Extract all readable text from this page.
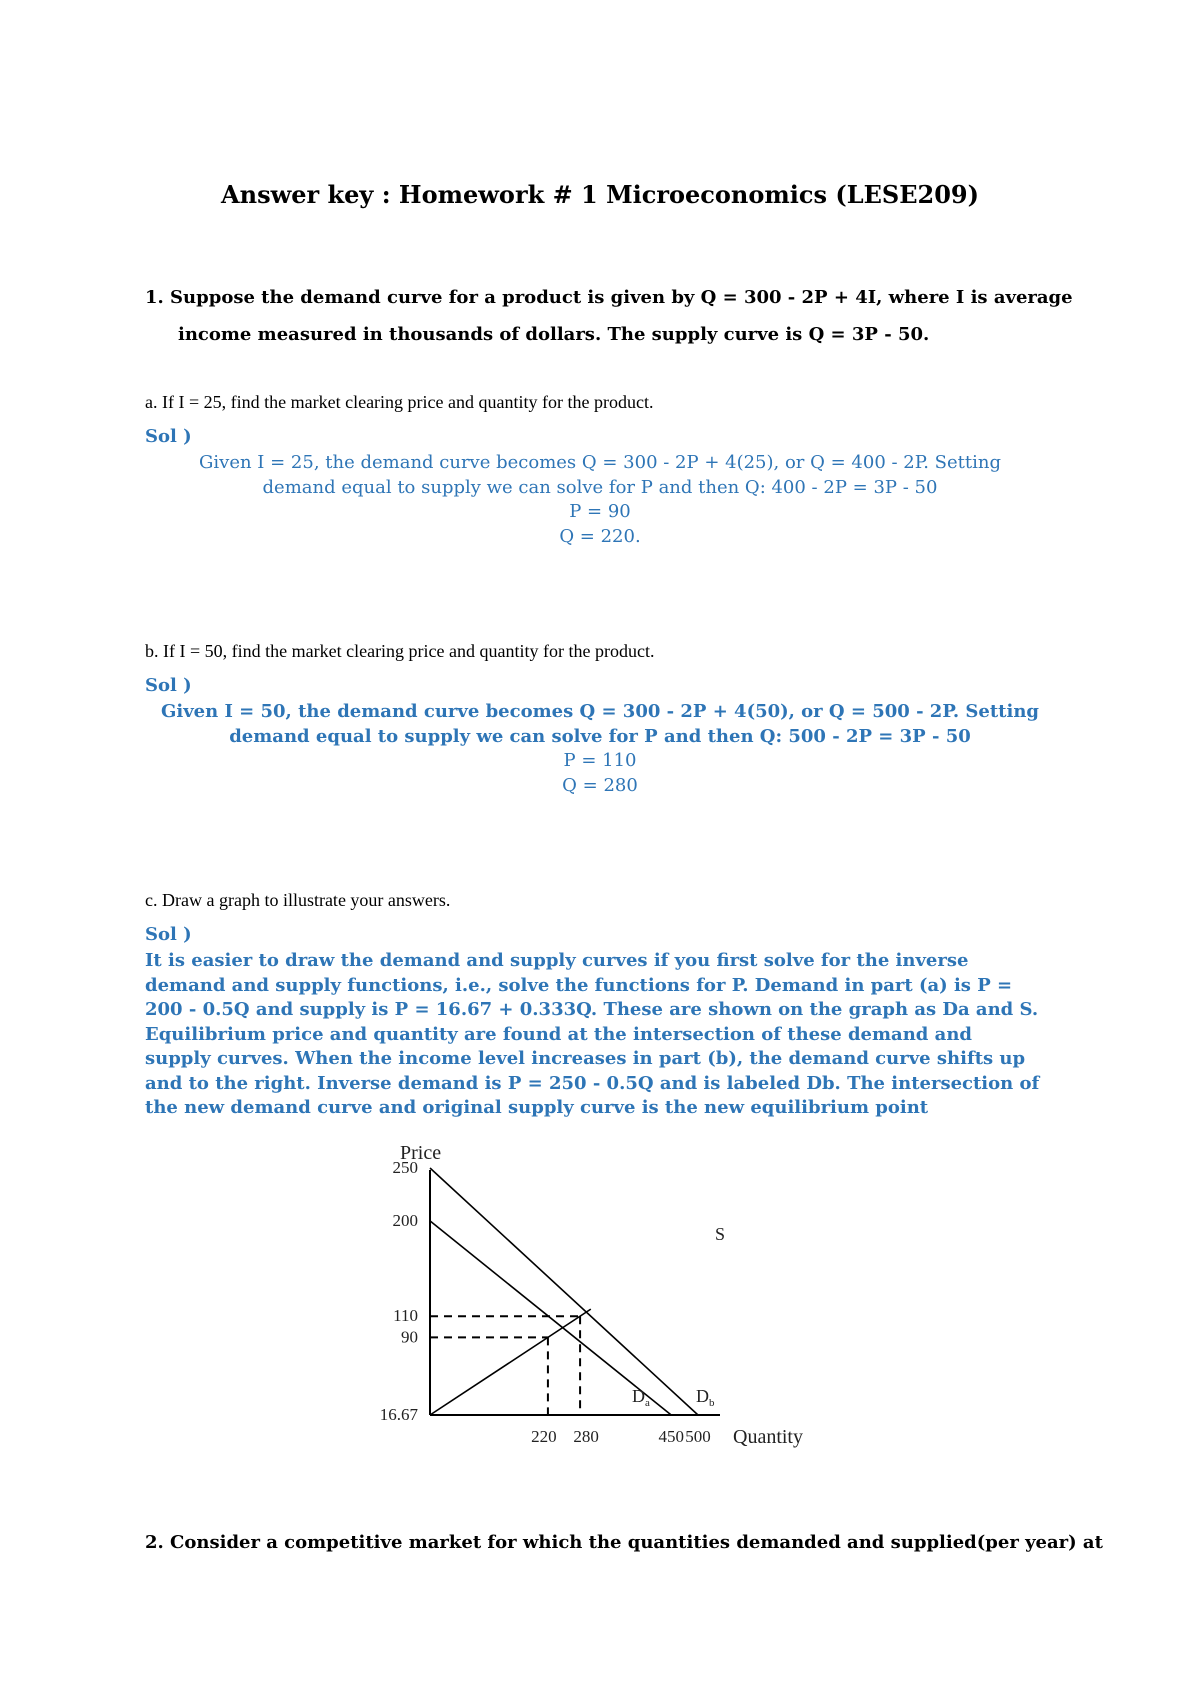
Answer key : Homework # 1 Microeconomics (LESE209)
1. Suppose the demand curve for a product is given by Q = 300 - 2P + 4I, where I is average
income measured in thousands of dollars. The supply curve is Q = 3P - 50.
a. If I = 25, find the market clearing price and quantity for the product.
Sol )
Given I = 25, the demand curve becomes Q = 300 - 2P + 4(25), or Q = 400 - 2P. Setting
demand equal to supply we can solve for P and then Q: 400 - 2P = 3P - 50
P = 90
Q = 220.
b. If I = 50, find the market clearing price and quantity for the product.
Sol )
Given I = 50, the demand curve becomes Q = 300 - 2P + 4(50), or Q = 500 - 2P. Setting
demand equal to supply we can solve for P and then Q: 500 - 2P = 3P - 50
P = 110
Q = 280
c. Draw a graph to illustrate your answers.
Sol )
It is easier to draw the demand and supply curves if you first solve for the inverse
demand and supply functions, i.e., solve the functions for P. Demand in part (a) is P =
200 - 0.5Q and supply is P = 16.67 + 0.333Q. These are shown on the graph as Da and S.
Equilibrium price and quantity are found at the intersection of these demand and
supply curves. When the income level increases in part (b), the demand curve shifts up
and to the right. Inverse demand is P = 250 - 0.5Q and is labeled Db. The intersection of
the new demand curve and original supply curve is the new equilibrium point
Price
Quantity
250
200
110
90
16.67
220 280	450 500
S
$D_a$	$D_b$
2. Consider a competitive market for which the quantities demanded and supplied(per year) at
